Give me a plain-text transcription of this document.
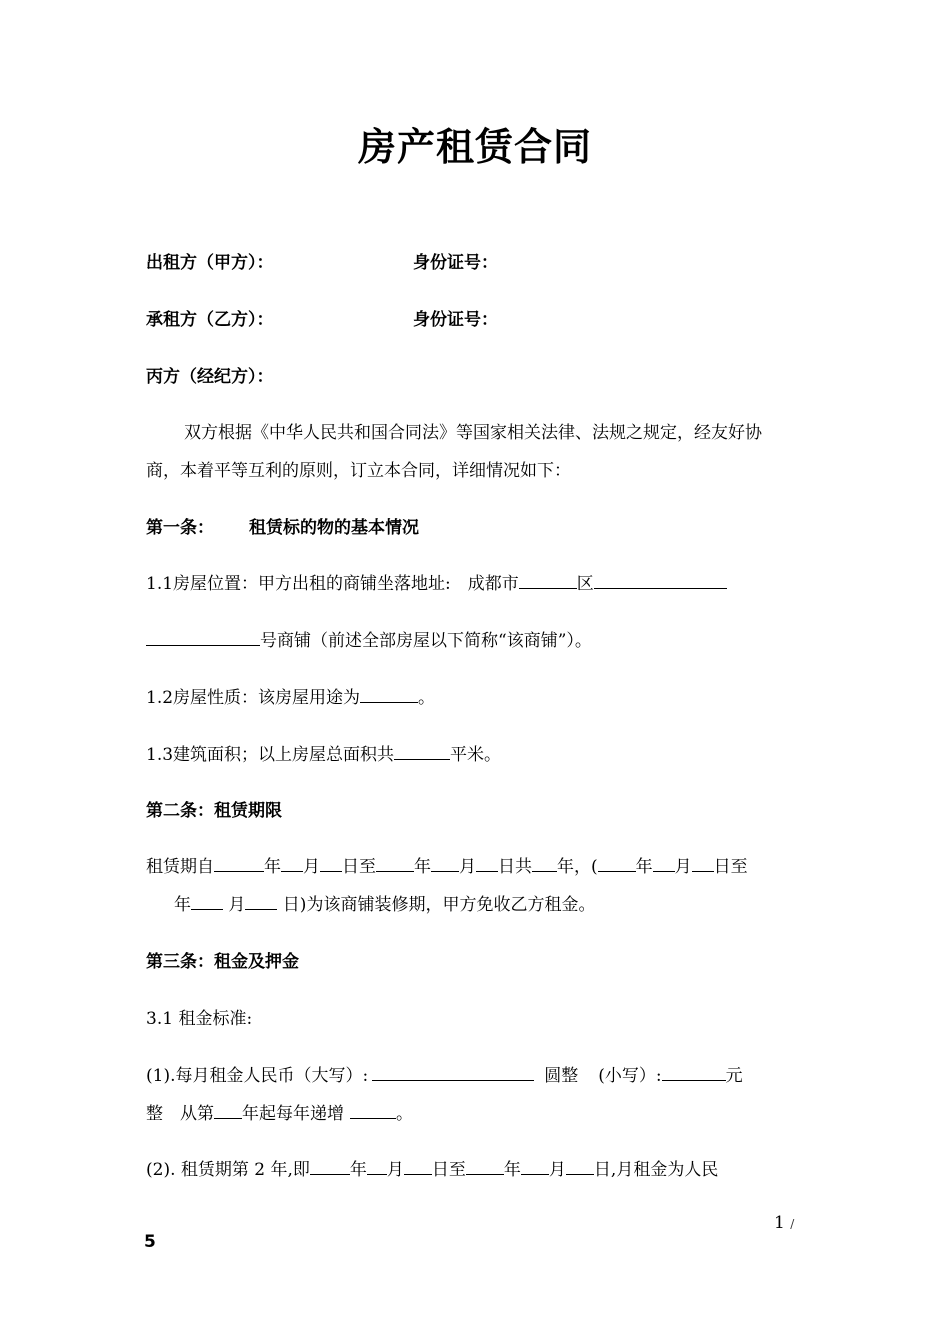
房产租赁合同
出租方（甲方）：	身份证号：
承租方（乙方）：	身份证号：
丙方（经纪方）：
双方根据《中华人民共和国合同法》等国家相关法律、法规之规定，经友好协
商，本着平等互利的原则，订立本合同，详细情况如下：
第一条： 租赁标的物的基本情况
1.1房屋位置：甲方出租的商铺坐落地址:　成都市	区
号商铺（前述全部房屋以下简称“该商铺”）。
1.2房屋性质：该房屋用途为	。
1.3建筑面积；以上房屋总面积共	平米。
第二条：租赁期限
租赁期自	年 月 日至 年 月 日共 年，( 年 月 日至
年 月 日)为该商铺装修期，甲方免收乙方租金。
第三条：租金及押金
3.1 租金标准:
(1).每月租金人民币（大写）:	圆整 (小写）:	元
整　从第 年起每年递增	。
(2). 租赁期第 2 年,即 年 月 日至 年 月 日,月租金为人民
1 /
5
